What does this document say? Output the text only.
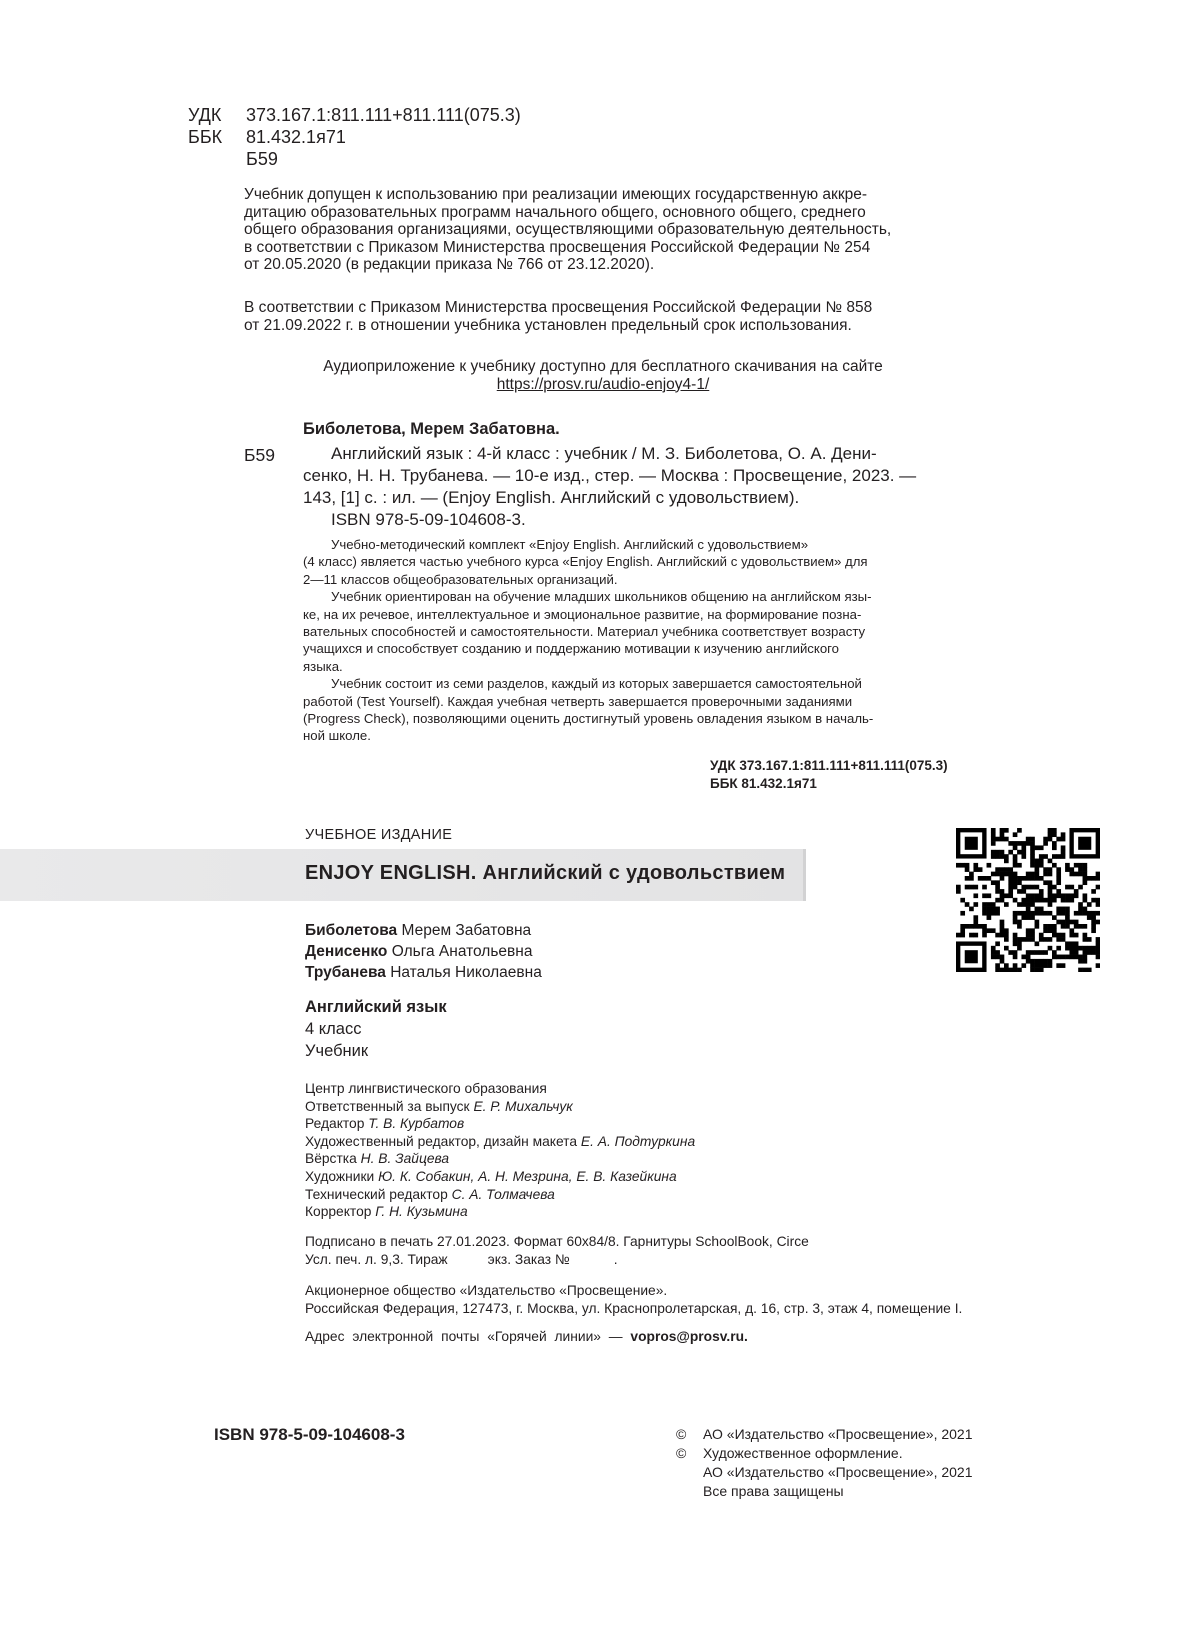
УДК 373.167.1:811.111+811.111(075.3)
ББК 81.432.1я71
Б59
Учебник допущен к использованию при реализации имеющих государственную аккре-
дитацию образовательных программ начального общего, основного общего, среднего
общего образования организациями, осуществляющими образовательную деятельность,
в соответствии с Приказом Министерства просвещения Российской Федерации № 254
от 20.05.2020 (в редакции приказа № 766 от 23.12.2020).
В соответствии с Приказом Министерства просвещения Российской Федерации № 858
от 21.09.2022 г. в отношении учебника установлен предельный срок использования.
Аудиоприложение к учебнику доступно для бесплатного скачивания на сайте
https://prosv.ru/audio-enjoy4-1/
Биболетова, Мерем Забатовна.
Б59	Английский язык : 4-й класс : учебник / М. З. Биболетова, О. А. Дени-
сенко, Н. Н. Трубанева. — 10-е изд., стер. — Москва : Просвещение, 2023. —
143, [1] с. : ил. — (Enjoy English. Английский с удовольствием).
ISBN 978-5-09-104608-3.
Учебно-методический комплект «Enjoy English. Английский с удовольствием»
(4 класс) является частью учебного курса «Enjoy English. Английский с удовольствием» для
2—11 классов общеобразовательных организаций.
Учебник ориентирован на обучение младших школьников общению на английском язы-
ке, на их речевое, интеллектуальное и эмоциональное развитие, на формирование позна-
вательных способностей и самостоятельности. Материал учебника соответствует возрасту
учащихся и способствует созданию и поддержанию мотивации к изучению английского
языка.
Учебник состоит из семи разделов, каждый из которых завершается самостоятельной
работой (Test Yourself). Каждая учебная четверть завершается проверочными заданиями
(Progress Check), позволяющими оценить достигнутый уровень овладения языком в началь-
ной школе.
УДК 373.167.1:811.111+811.111(075.3)
ББК 81.432.1я71
УЧЕБНОЕ ИЗДАНИЕ
ENJOY ENGLISH. Английский с удовольствием
Биболетова Мерем Забатовна
Денисенко Ольга Анатольевна
Трубанева Наталья Николаевна
Английский язык
4 класс
Учебник
Центр лингвистического образования
Ответственный за выпуск Е. Р. Михальчук
Редактор Т. В. Курбатов
Художественный редактор, дизайн макета Е. А. Подтуркина
Вёрстка Н. В. Зайцева
Художники Ю. К. Собакин, А. Н. Мезрина, Е. В. Казейкина
Технический редактор С. А. Толмачева
Корректор Г. Н. Кузьмина
Подписано в печать 27.01.2023. Формат 60x84/8. Гарнитуры SchoolBook, Circe
Усл. печ. л. 9,3. Тираж	экз. Заказ №	.
Акционерное общество «Издательство «Просвещение».
Российская Федерация, 127473, г. Москва, ул. Краснопролетарская, д. 16, стр. 3, этаж 4, помещение I.
Адрес электронной почты «Горячей линии» — vopros@prosv.ru.
ISBN 978-5-09-104608-3	© АО «Издательство «Просвещение», 2021
© Художественное оформление.
АО «Издательство «Просвещение», 2021
Все права защищены
